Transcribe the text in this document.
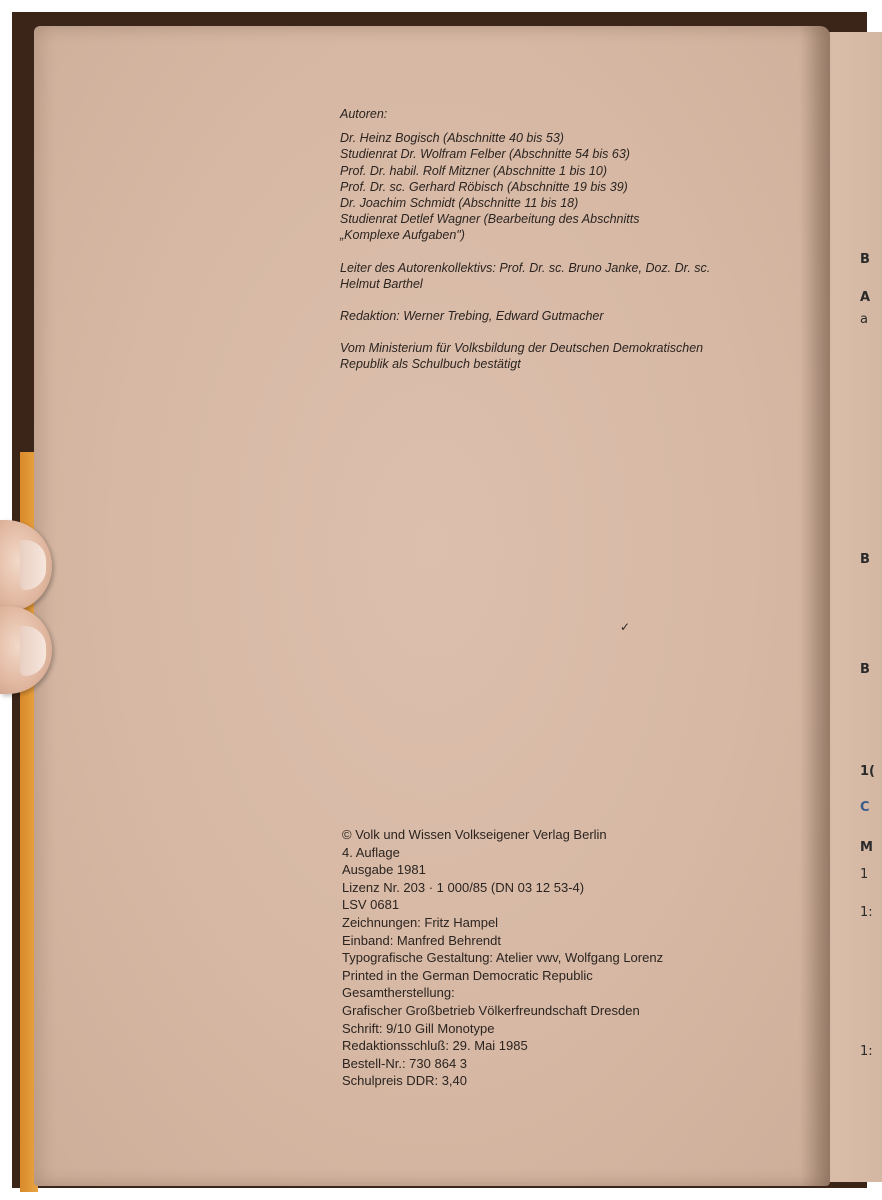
B
A
a
B
B
1(
C
M
1
1:
1:
Autoren:
Dr. Heinz Bogisch (Abschnitte 40 bis 53)
Studienrat Dr. Wolfram Felber (Abschnitte 54 bis 63)
Prof. Dr. habil. Rolf Mitzner (Abschnitte 1 bis 10)
Prof. Dr. sc. Gerhard Röbisch (Abschnitte 19 bis 39)
Dr. Joachim Schmidt (Abschnitte 11 bis 18)
Studienrat Detlef Wagner (Bearbeitung des Abschnitts
„Komplexe Aufgaben")
Leiter des Autorenkollektivs: Prof. Dr. sc. Bruno Janke, Doz. Dr. sc.
Helmut Barthel
Redaktion: Werner Trebing, Edward Gutmacher
Vom Ministerium für Volksbildung der Deutschen Demokratischen
Republik als Schulbuch bestätigt
✓
© Volk und Wissen Volkseigener Verlag Berlin
4. Auflage
Ausgabe 1981
Lizenz Nr. 203 · 1 000/85 (DN 03 12 53-4)
LSV 0681
Zeichnungen: Fritz Hampel
Einband: Manfred Behrendt
Typografische Gestaltung: Atelier vwv, Wolfgang Lorenz
Printed in the German Democratic Republic
Gesamtherstellung:
Grafischer Großbetrieb Völkerfreundschaft Dresden
Schrift: 9/10 Gill Monotype
Redaktionsschluß: 29. Mai 1985
Bestell-Nr.: 730 864 3
Schulpreis DDR: 3,40
